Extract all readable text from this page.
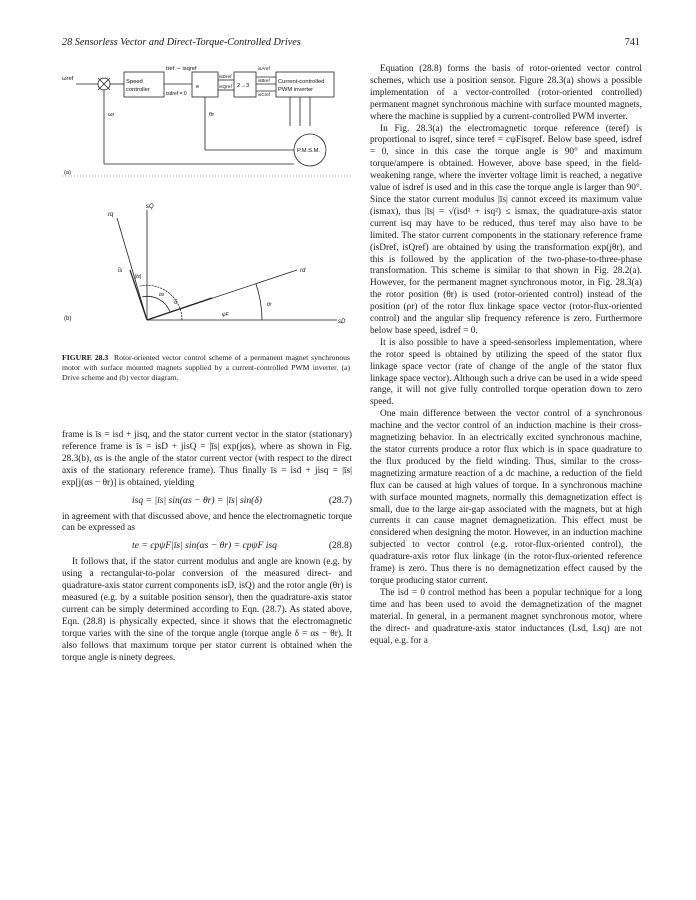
28 Sensorless Vector and Direct-Torque-Controlled Drives	741
ωref	Speed
controller
tref ∼ isqref
isdref = 0
e
isDref
isQref 2→3
isAref
isBref
isCref
Current-controlled
PWM inverter
P.M.S.M.
ωr	θr
(a)
rq
sQ
īs
|īs|
δ
αs
rd
sD
θr
ψF
(b)
FIGURE 28.3 Rotor-oriented vector control scheme of a permanent magnet synchronous motor with surface mounted magnets supplied by a current-controlled PWM inverter. (a) Drive scheme and (b) vector diagram.

frame is īs = isd + jisq, and the stator current vector in the stator (stationary) reference frame is īs = isD + jisQ = |īs| exp(jαs), where as shown in Fig. 28.3(b), αs is the angle of the stator current vector (with respect to the direct axis of the stationary reference frame). Thus finally īs = isd + jisq = |īs| exp[j(αs − θr)] is obtained, yielding

isq = |īs| sin(αs − θr) = |īs| sin(δ)	(28.7)

in agreement with that discussed above, and hence the electromagnetic torque can be expressed as

te = cpψF|īs| sin(αs − θr) = cpψF isq	(28.8)

It follows that, if the stator current modulus and angle are known (e.g. by using a rectangular-to-polar conversion of the measured direct- and quadrature-axis stator current components isD, isQ) and the rotor angle (θr) is measured (e.g. by a suitable position sensor), then the quadrature-axis stator current can be simply determined according to Eqn. (28.7). As stated above, Eqn. (28.8) is physically expected, since it shows that the electromagnetic torque varies with the sine of the torque angle (torque angle δ = αs − θr). It also follows that maximum torque per stator current is obtained when the torque angle is ninety degrees.

Equation (28.8) forms the basis of rotor-oriented vector control schemes, which use a position sensor. Figure 28.3(a) shows a possible implementation of a vector-controlled (rotor-oriented controlled) permanent magnet synchronous machine with surface mounted magnets, where the machine is supplied by a current-controlled PWM inverter.

In Fig. 28.3(a) the electromagnetic torque reference (teref) is proportional to isqref, since teref = cψFisqref. Below base speed, isdref = 0, since in this case the torque angle is 90° and maximum torque/ampere is obtained. However, above base speed, in the field-weakening range, where the inverter voltage limit is reached, a negative value of isdref is used and in this case the torque angle is larger than 90°. Since the stator current modulus |īs| cannot exceed its maximum value (ismax), thus |īs| = √(isd² + isq²) ≤ ismax, the quadrature-axis stator current isq may have to be reduced, thus teref may also have to be limited. The stator current components in the stationary reference frame (isDref, isQref) are obtained by using the transformation exp(jθr), and this is followed by the application of the two-phase-to-three-phase transformation. This scheme is similar to that shown in Fig. 28.2(a). However, for the permanent magnet synchronous motor, in Fig. 28.3(a) the rotor position (θr) is used (rotor-oriented control) instead of the position (ρr) of the rotor flux linkage space vector (rotor-flux-oriented control) and the angular slip frequency reference is zero. Furthermore below base speed, isdref = 0.

It is also possible to have a speed-sensorless implementation, where the rotor speed is obtained by utilizing the speed of the stator flux linkage space vector (rate of change of the angle of the stator flux linkage space vector). Although such a drive can be used in a wide speed range, it will not give fully controlled torque operation down to zero speed.

One main difference between the vector control of a synchronous machine and the vector control of an induction machine is their cross-magnetizing behavior. In an electrically excited synchronous machine, the stator currents produce a rotor flux which is in space quadrature to the flux produced by the field winding. Thus, similar to the cross-magnetizing armature reaction of a dc machine, a reduction of the field flux can be caused at high values of torque. In a synchronous machine with surface mounted magnets, normally this demagnetization effect is small, due to the large air-gap associated with the magnets, but at high currents it can cause magnet demagnetization. This effect must be considered when designing the motor. However, in an induction machine subjected to vector control (e.g. rotor-flux-oriented control), the quadrature-axis rotor flux linkage (in the rotor-flux-oriented reference frame) is zero. Thus there is no demagnetization effect caused by the torque producing stator current.

The isd = 0 control method has been a popular technique for a long time and has been used to avoid the demagnetization of the magnet material. In general, in a permanent magnet synchronous motor, where the direct- and quadrature-axis stator inductances (Lsd, Lsq) are not equal, e.g. for a
